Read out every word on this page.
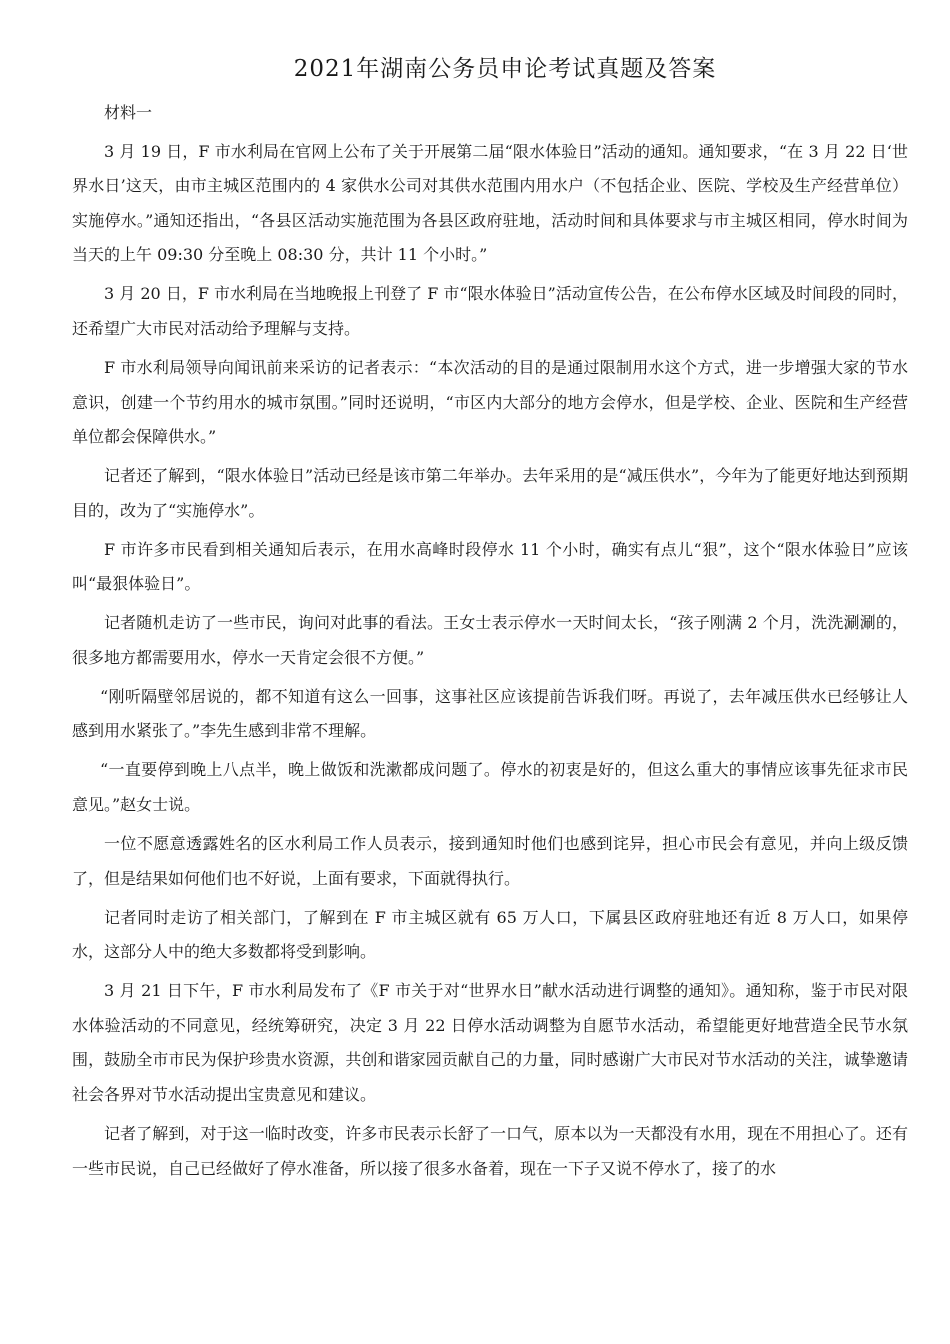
2021年湖南公务员申论考试真题及答案

材料一

3 月 19 日，F 市水利局在官网上公布了关于开展第二届“限水体验日”活动的通知。通知要求，“在 3 月 22 日‘世界水日’这天，由市主城区范围内的 4 家供水公司对其供水范围内用水户（不包括企业、医院、学校及生产经营单位）实施停水。”通知还指出，“各县区活动实施范围为各县区政府驻地，活动时间和具体要求与市主城区相同，停水时间为当天的上午 09:30 分至晚上 08:30 分，共计 11 个小时。”

3 月 20 日，F 市水利局在当地晚报上刊登了 F 市“限水体验日”活动宣传公告，在公布停水区域及时间段的同时，还希望广大市民对活动给予理解与支持。

F 市水利局领导向闻讯前来采访的记者表示：“本次活动的目的是通过限制用水这个方式，进一步增强大家的节水意识，创建一个节约用水的城市氛围。”同时还说明，“市区内大部分的地方会停水，但是学校、企业、医院和生产经营单位都会保障供水。”

记者还了解到，“限水体验日”活动已经是该市第二年举办。去年采用的是“减压供水”，今年为了能更好地达到预期目的，改为了“实施停水”。

F 市许多市民看到相关通知后表示，在用水高峰时段停水 11 个小时，确实有点儿“狠”，这个“限水体验日”应该叫“最狠体验日”。

记者随机走访了一些市民，询问对此事的看法。王女士表示停水一天时间太长，“孩子刚满 2 个月，洗洗涮涮的，很多地方都需要用水，停水一天肯定会很不方便。”

“刚听隔壁邻居说的，都不知道有这么一回事，这事社区应该提前告诉我们呀。再说了，去年减压供水已经够让人感到用水紧张了。”李先生感到非常不理解。

“一直要停到晚上八点半，晚上做饭和洗漱都成问题了。停水的初衷是好的，但这么重大的事情应该事先征求市民意见。”赵女士说。

一位不愿意透露姓名的区水利局工作人员表示，接到通知时他们也感到诧异，担心市民会有意见，并向上级反馈了，但是结果如何他们也不好说，上面有要求，下面就得执行。

记者同时走访了相关部门，了解到在 F 市主城区就有 65 万人口，下属县区政府驻地还有近 8 万人口，如果停水，这部分人中的绝大多数都将受到影响。

3 月 21 日下午，F 市水利局发布了《F 市关于对“世界水日”献水活动进行调整的通知》。通知称，鉴于市民对限水体验活动的不同意见，经统筹研究，决定 3 月 22 日停水活动调整为自愿节水活动，希望能更好地营造全民节水氛围，鼓励全市市民为保护珍贵水资源，共创和谐家园贡献自己的力量，同时感谢广大市民对节水活动的关注，诚挚邀请社会各界对节水活动提出宝贵意见和建议。

记者了解到，对于这一临时改变，许多市民表示长舒了一口气，原本以为一天都没有水用，现在不用担心了。还有一些市民说，自己已经做好了停水准备，所以接了很多水备着，现在一下子又说不停水了，接了的水
